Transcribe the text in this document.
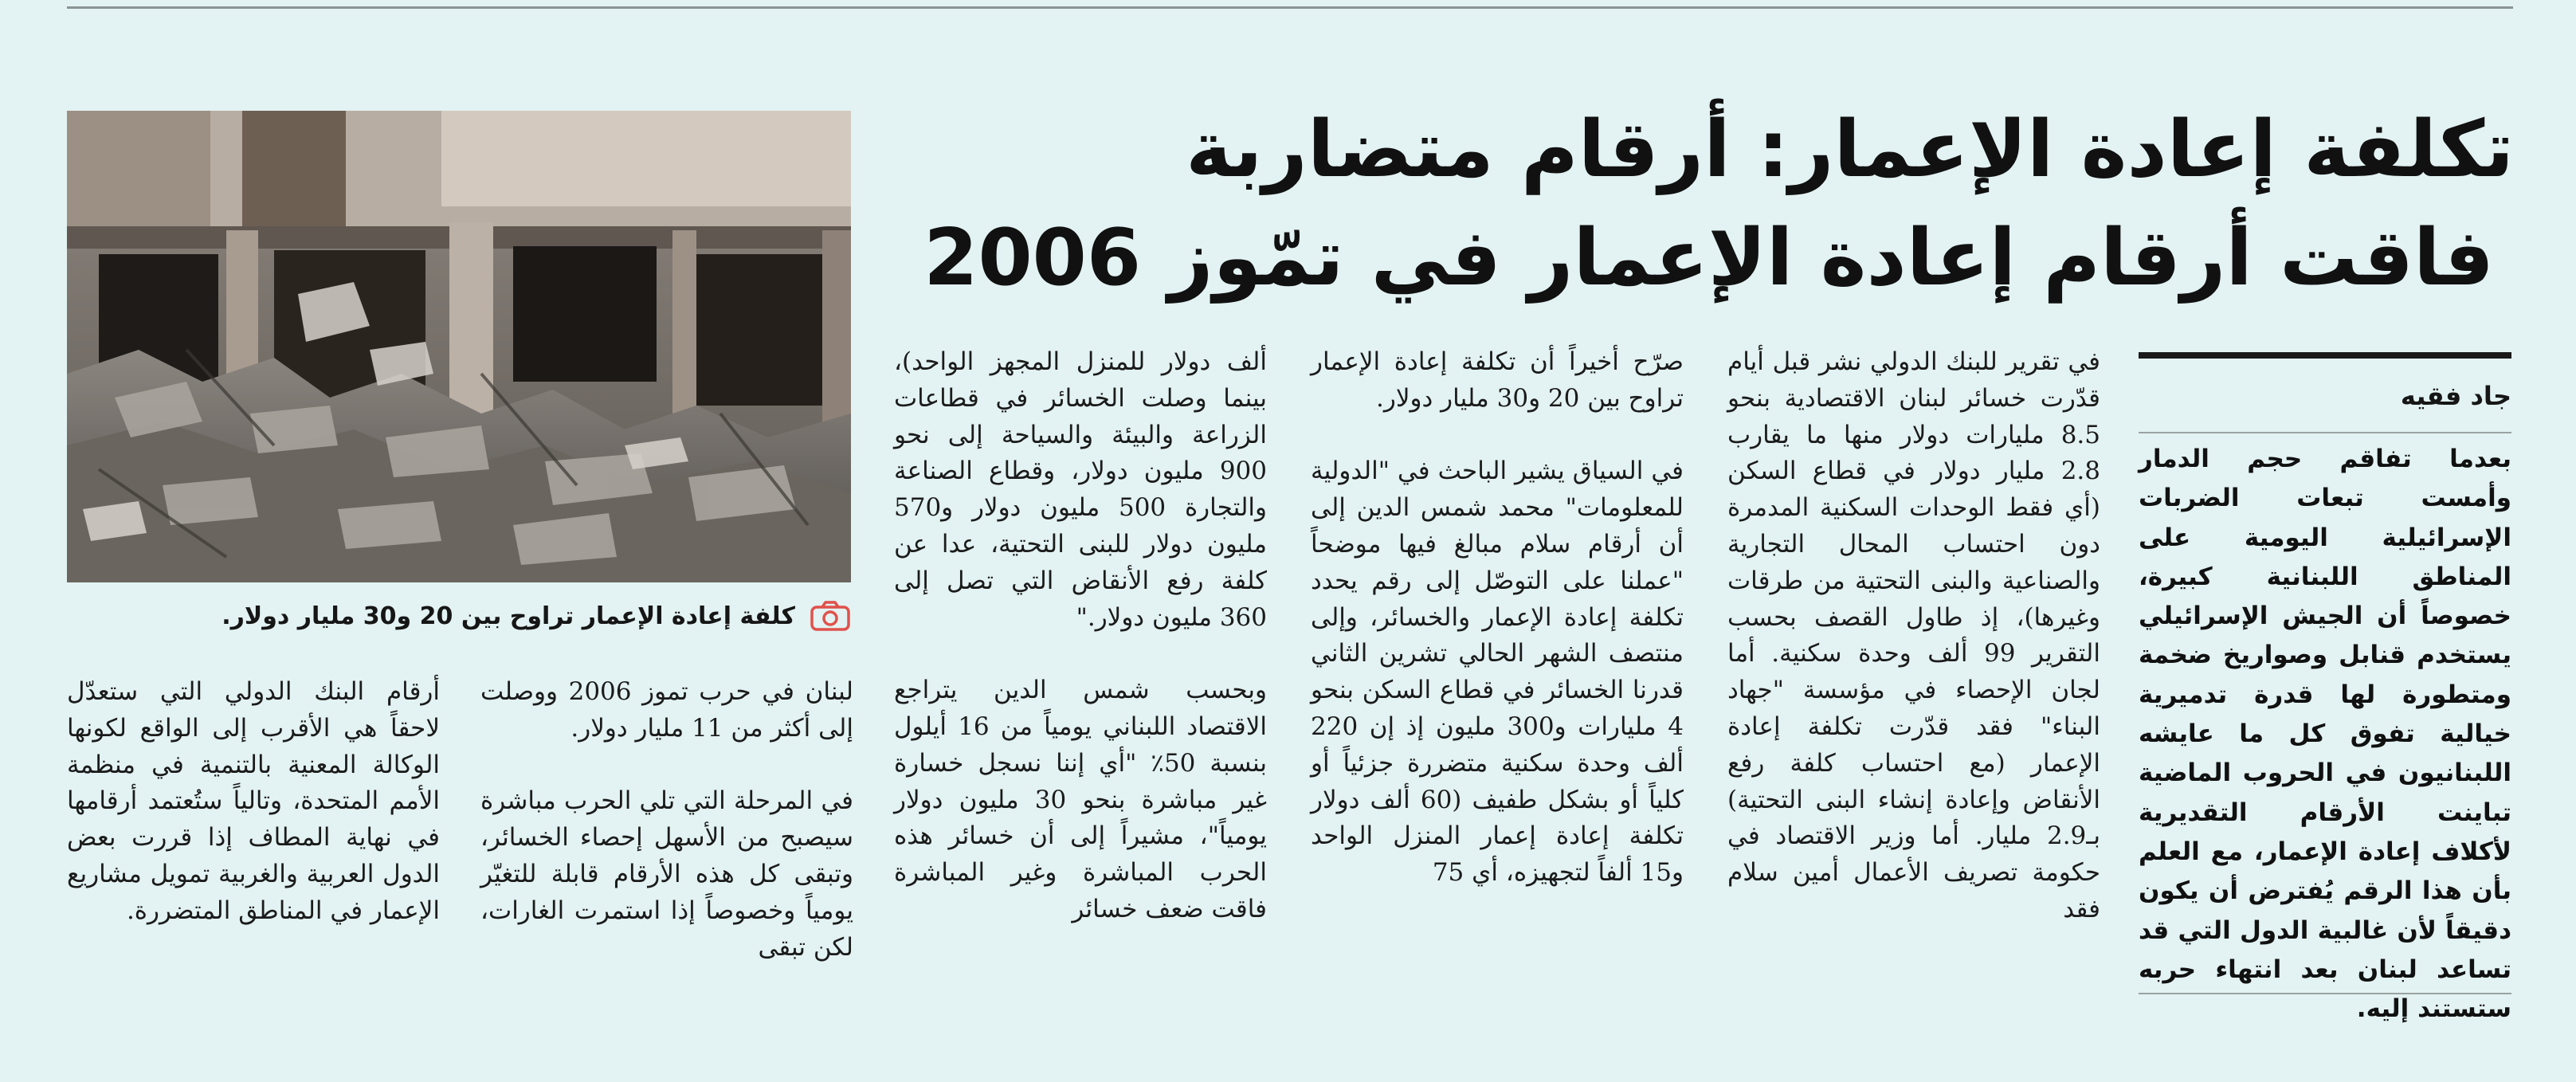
تكلفة إعادة الإعمار: أرقام متضاربة
فاقت أرقام إعادة الإعمار في تمّوز 2006
كلفة إعادة الإعمار تراوح بين 20 و30 مليار دولار.
جاد فقيه

بعدما تفاقم حجم الدمار وأمست تبعات الضربات الإسرائيلية اليومية على المناطق اللبنانية كبيرة، خصوصاً أن الجيش الإسرائيلي يستخدم قنابل وصواريخ ضخمة ومتطورة لها قدرة تدميرية خيالية تفوق كل ما عايشه اللبنانيون في الحروب الماضية تباينت الأرقام التقديرية لأكلاف إعادة الإعمار، مع العلم بأن هذا الرقم يُفترض أن يكون دقيقاً لأن غالبية الدول التي قد تساعد لبنان بعد انتهاء حربه ستستند إليه.

في تقرير للبنك الدولي نشر قبل أيام قدّرت خسائر لبنان الاقتصادية بنحو 8.5 مليارات دولار منها ما يقارب 2.8 مليار دولار في قطاع السكن (أي فقط الوحدات السكنية المدمرة دون احتساب المحال التجارية والصناعية والبنى التحتية من طرقات وغيرها)، إذ طاول القصف بحسب التقرير 99 ألف وحدة سكنية. أما لجان الإحصاء في مؤسسة "جهاد البناء" فقد قدّرت تكلفة إعادة الإعمار (مع احتساب كلفة رفع الأنقاض وإعادة إنشاء البنى التحتية) بـ2.9 مليار. أما وزير الاقتصاد في حكومة تصريف الأعمال أمين سلام فقد

صرّح أخيراً أن تكلفة إعادة الإعمار تراوح بين 20 و30 مليار دولار.
في السياق يشير الباحث في "الدولية للمعلومات" محمد شمس الدين إلى أن أرقام سلام مبالغ فيها موضحاً "عملنا على التوصّل إلى رقم يحدد تكلفة إعادة الإعمار والخسائر، وإلى منتصف الشهر الحالي تشرين الثاني قدرنا الخسائر في قطاع السكن بنحو 4 مليارات و300 مليون إذ إن 220 ألف وحدة سكنية متضررة جزئياً أو كلياً أو بشكل طفيف (60 ألف دولار تكلفة إعادة إعمار المنزل الواحد و15 ألفاً لتجهيزه، أي 75

ألف دولار للمنزل المجهز الواحد)، بينما وصلت الخسائر في قطاعات الزراعة والبيئة والسياحة إلى نحو 900 مليون دولار، وقطاع الصناعة والتجارة 500 مليون دولار و570 مليون دولار للبنى التحتية، عدا عن كلفة رفع الأنقاض التي تصل إلى 360 مليون دولار."
وبحسب شمس الدين يتراجع الاقتصاد اللبناني يومياً من 16 أيلول بنسبة 50٪ "أي إننا نسجل خسارة غير مباشرة بنحو 30 مليون دولار يومياً"، مشيراً إلى أن خسائر هذه الحرب المباشرة وغير المباشرة فاقت ضعف خسائر

لبنان في حرب تموز 2006 ووصلت إلى أكثر من 11 مليار دولار.
في المرحلة التي تلي الحرب مباشرة سيصبح من الأسهل إحصاء الخسائر، وتبقى كل هذه الأرقام قابلة للتغيّر يومياً وخصوصاً إذا استمرت الغارات، لكن تبقى

أرقام البنك الدولي التي ستعدّل لاحقاً هي الأقرب إلى الواقع لكونها الوكالة المعنية بالتنمية في منظمة الأمم المتحدة، وتالياً ستُعتمد أرقامها في نهاية المطاف إذا قررت بعض الدول العربية والغربية تمويل مشاريع الإعمار في المناطق المتضررة.
